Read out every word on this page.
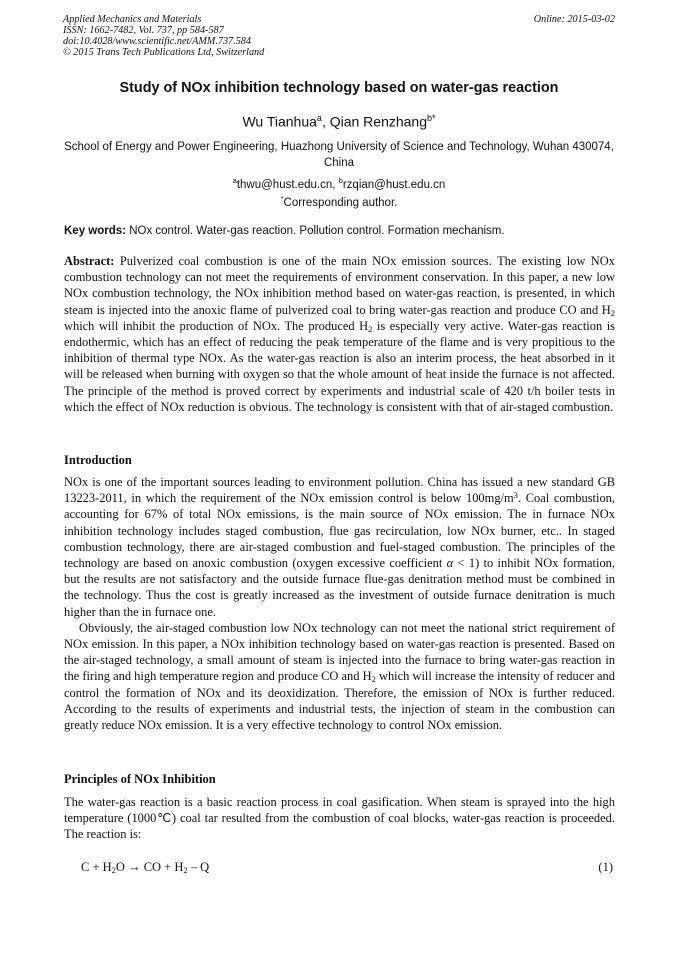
Applied Mechanics and Materials
ISSN: 1662-7482, Vol. 737, pp 584-587
doi:10.4028/www.scientific.net/AMM.737.584
© 2015 Trans Tech Publications Ltd, Switzerland
Online: 2015-03-02
Study of NOx inhibition technology based on water-gas reaction
Wu Tianhua$^a$, Qian Renzhang$^{b*}$
School of Energy and Power Engineering, Huazhong University of Science and Technology, Wuhan 430074, China
$^a$thwu@hust.edu.cn, $^b$rzqian@hust.edu.cn
*Corresponding author.
Key words: NOx control. Water-gas reaction. Pollution control. Formation mechanism.

Abstract: Pulverized coal combustion is one of the main NOx emission sources. The existing low NOx combustion technology can not meet the requirements of environment conservation. In this paper, a new low NOx combustion technology, the NOx inhibition method based on water-gas reaction, is presented, in which steam is injected into the anoxic flame of pulverized coal to bring water-gas reaction and produce CO and $H_2$ which will inhibit the production of NOx. The produced $H_2$ is especially very active. Water-gas reaction is endothermic, which has an effect of reducing the peak temperature of the flame and is very propitious to the inhibition of thermal type NOx. As the water-gas reaction is also an interim process, the heat absorbed in it will be released when burning with oxygen so that the whole amount of heat inside the furnace is not affected. The principle of the method is proved correct by experiments and industrial scale of 420 t/h boiler tests in which the effect of NOx reduction is obvious. The technology is consistent with that of air-staged combustion.

Introduction

NOx is one of the important sources leading to environment pollution. China has issued a new standard GB 13223-2011, in which the requirement of the NOx emission control is below $100mg/m^3$. Coal combustion, accounting for 67% of total NOx emissions, is the main source of NOx emission. The in furnace NOx inhibition technology includes staged combustion, flue gas recirculation, low NOx burner, etc.. In staged combustion technology, there are air-staged combustion and fuel-staged combustion. The principles of the technology are based on anoxic combustion (oxygen excessive coefficient α < 1) to inhibit NOx formation, but the results are not satisfactory and the outside furnace flue-gas denitration method must be combined in the technology. Thus the cost is greatly increased as the investment of outside furnace denitration is much higher than the in furnace one.

Obviously, the air-staged combustion low NOx technology can not meet the national strict requirement of NOx emission. In this paper, a NOx inhibition technology based on water-gas reaction is presented. Based on the air-staged technology, a small amount of steam is injected into the furnace to bring water-gas reaction in the firing and high temperature region and produce CO and $H_2$ which will increase the intensity of reducer and control the formation of NOx and its deoxidization. Therefore, the emission of NOx is further reduced. According to the results of experiments and industrial tests, the injection of steam in the combustion can greatly reduce NOx emission. It is a very effective technology to control NOx emission.

Principles of NOx Inhibition

The water-gas reaction is a basic reaction process in coal gasification. When steam is sprayed into the high temperature (1000℃) coal tar resulted from the combustion of coal blocks, water-gas reaction is proceeded. The reaction is:

$C + H_2O$ → CO + $H_2$ – Q	(1)
